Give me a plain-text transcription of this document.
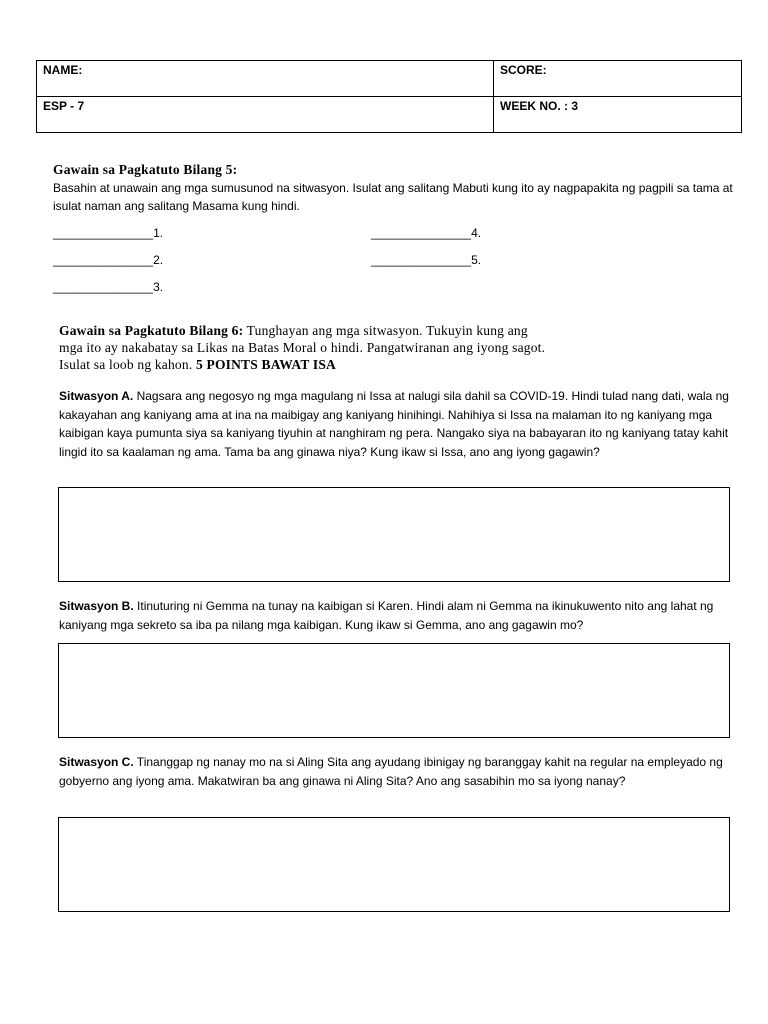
NAME:	SCORE:
ESP - 7	WEEK NO. : 3
Gawain sa Pagkatuto Bilang 5:
Basahin at unawain ang mga sumusunod na sitwasyon. Isulat ang salitang Mabuti kung ito ay nagpapakita ng pagpili sa tama at isulat naman ang salitang Masama kung hindi.
_______________1.
_______________2.
_______________3.
_______________4.
_______________5.
Gawain sa Pagkatuto Bilang 6: Tunghayan ang mga sitwasyon. Tukuyin kung ang
mga ito ay nakabatay sa Likas na Batas Moral o hindi. Pangatwiranan ang iyong sagot.
Isulat sa loob ng kahon. 5 POINTS BAWAT ISA
Sitwasyon A. Nagsara ang negosyo ng mga magulang ni Issa at nalugi sila dahil sa COVID-19. Hindi tulad nang dati, wala ng kakayahan ang kaniyang ama at ina na maibigay ang kaniyang hinihingi. Nahihiya si Issa na malaman ito ng kaniyang mga kaibigan kaya pumunta siya sa kaniyang tiyuhin at nanghiram ng pera. Nangako siya na babayaran ito ng kaniyang tatay kahit lingid ito sa kaalaman ng ama. Tama ba ang ginawa niya? Kung ikaw si Issa, ano ang iyong gagawin?
Sitwasyon B. Itinuturing ni Gemma na tunay na kaibigan si Karen. Hindi alam ni Gemma na ikinukuwento nito ang lahat ng kaniyang mga sekreto sa iba pa nilang mga kaibigan. Kung ikaw si Gemma, ano ang gagawin mo?
Sitwasyon C. Tinanggap ng nanay mo na si Aling Sita ang ayudang ibinigay ng baranggay kahit na regular na empleyado ng gobyerno ang iyong ama. Makatwiran ba ang ginawa ni Aling Sita? Ano ang sasabihin mo sa iyong nanay?
